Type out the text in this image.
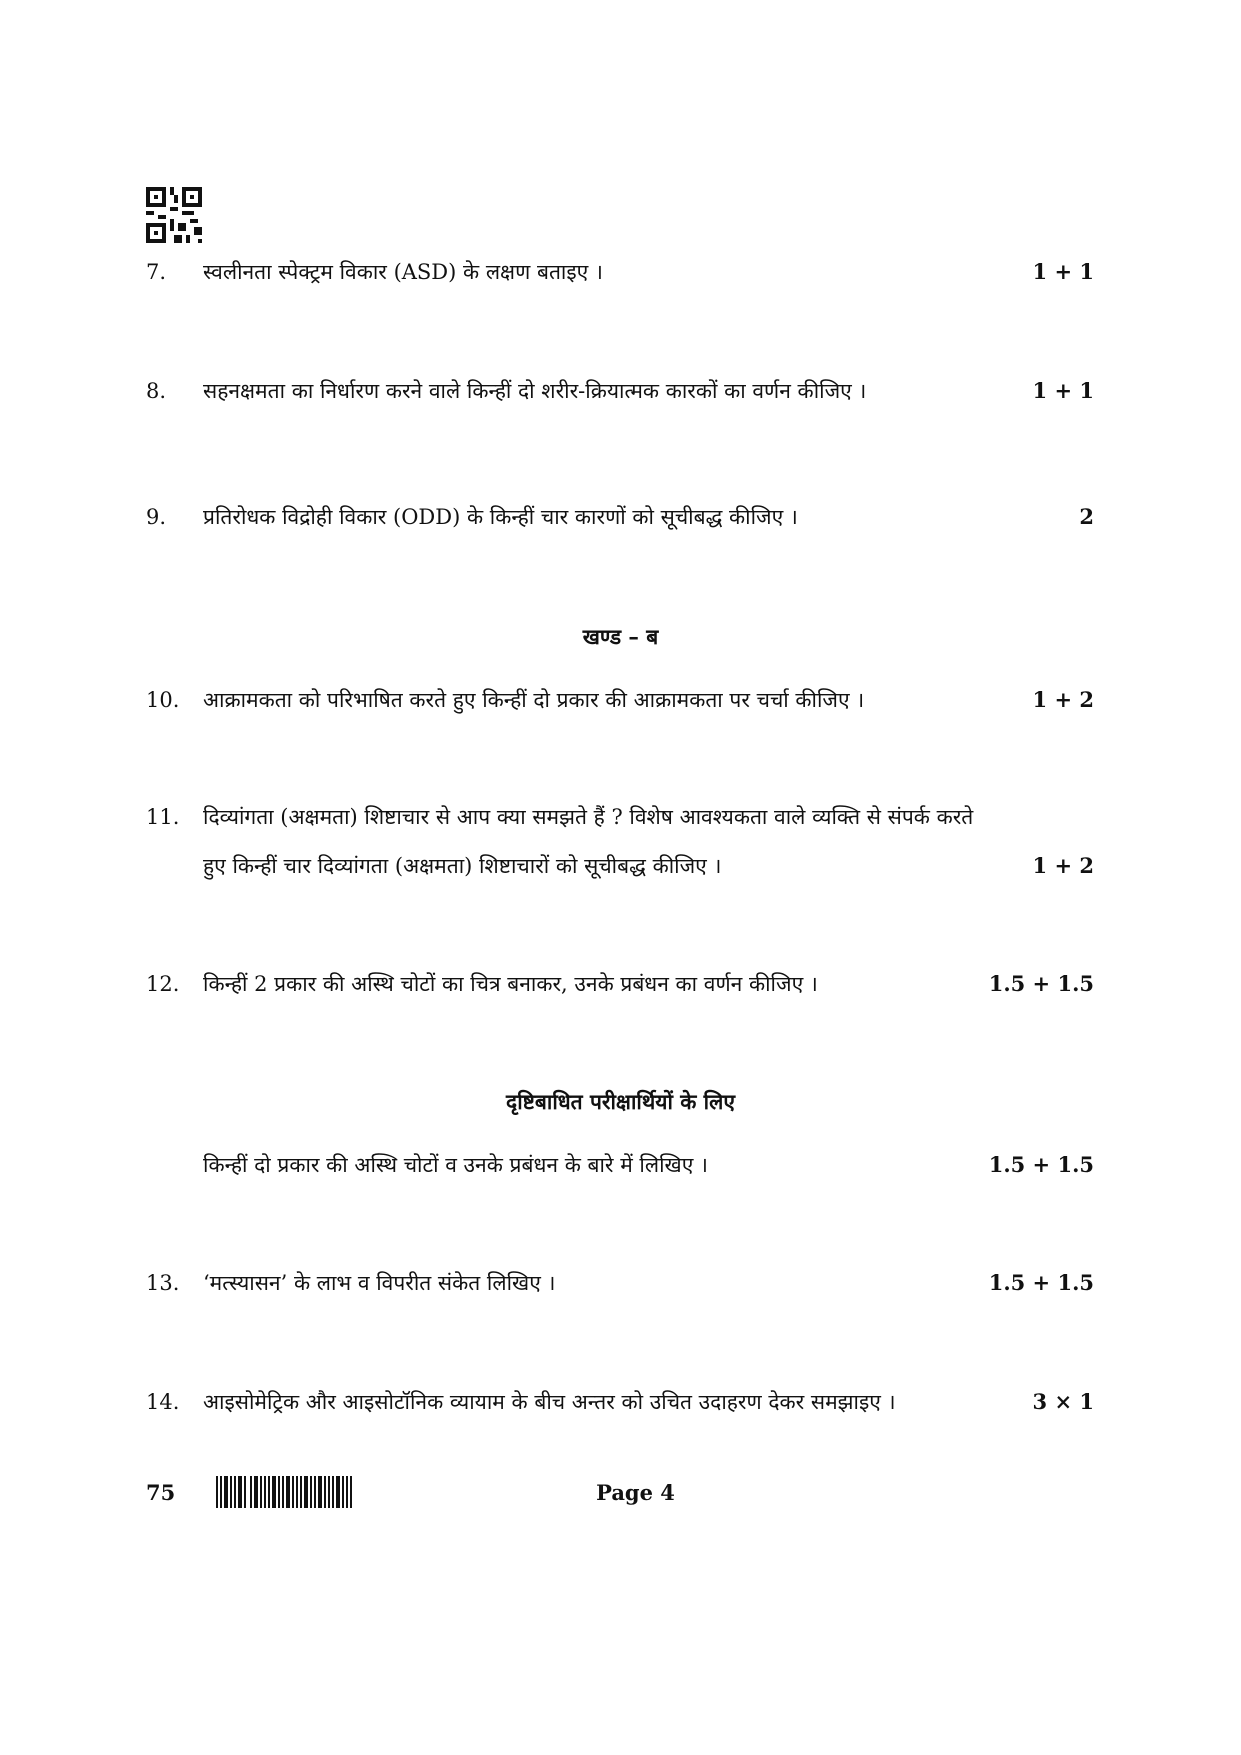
7. स्वलीनता स्पेक्ट्रम विकार (ASD) के लक्षण बताइए ।	1 + 1
8. सहनक्षमता का निर्धारण करने वाले किन्हीं दो शरीर-क्रियात्मक कारकों का वर्णन कीजिए ।	1 + 1
9. प्रतिरोधक विद्रोही विकार (ODD) के किन्हीं चार कारणों को सूचीबद्ध कीजिए ।	2
खण्ड – ब
10. आक्रामकता को परिभाषित करते हुए किन्हीं दो प्रकार की आक्रामकता पर चर्चा कीजिए ।	1 + 2
11. दिव्यांगता (अक्षमता) शिष्टाचार से आप क्या समझते हैं ? विशेष आवश्यकता वाले व्यक्ति से संपर्क करते
हुए किन्हीं चार दिव्यांगता (अक्षमता) शिष्टाचारों को सूचीबद्ध कीजिए ।	1 + 2
12. किन्हीं 2 प्रकार की अस्थि चोटों का चित्र बनाकर, उनके प्रबंधन का वर्णन कीजिए ।	1.5 + 1.5
दृष्टिबाधित परीक्षार्थियों के लिए
किन्हीं दो प्रकार की अस्थि चोटों व उनके प्रबंधन के बारे में लिखिए ।	1.5 + 1.5
13. ‘मत्स्यासन’ के लाभ व विपरीत संकेत लिखिए ।	1.5 + 1.5
14. आइसोमेट्रिक और आइसोटॉनिक व्यायाम के बीच अन्तर को उचित उदाहरण देकर समझाइए ।	3 × 1
75	Page 4
